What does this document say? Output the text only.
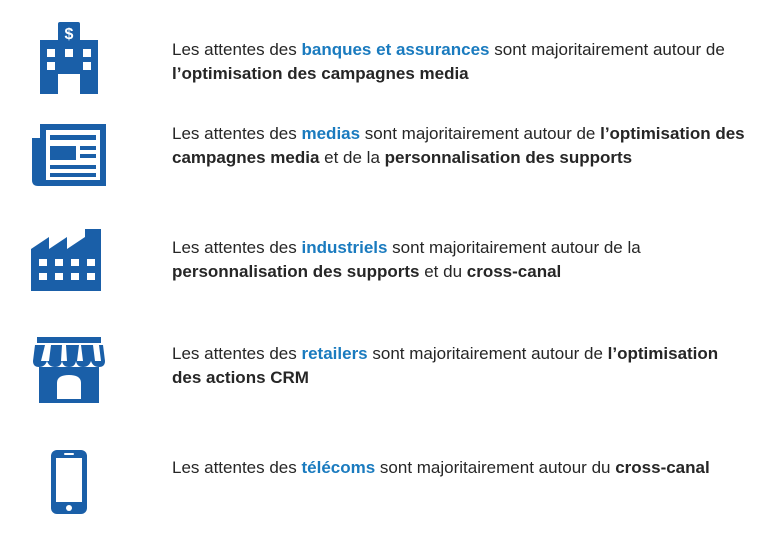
$
Les attentes des banques et assurances sont majoritairement autour de l’optimisation des campagnes media
Les attentes des medias sont majoritairement autour de l’optimisation des campagnes media et de la personnalisation des supports
Les attentes des industriels sont majoritairement autour de la personnalisation des supports et du cross-canal
Les attentes des retailers sont majoritairement autour de l’optimisation des actions CRM
Les attentes des télécoms sont majoritairement autour du cross-canal
